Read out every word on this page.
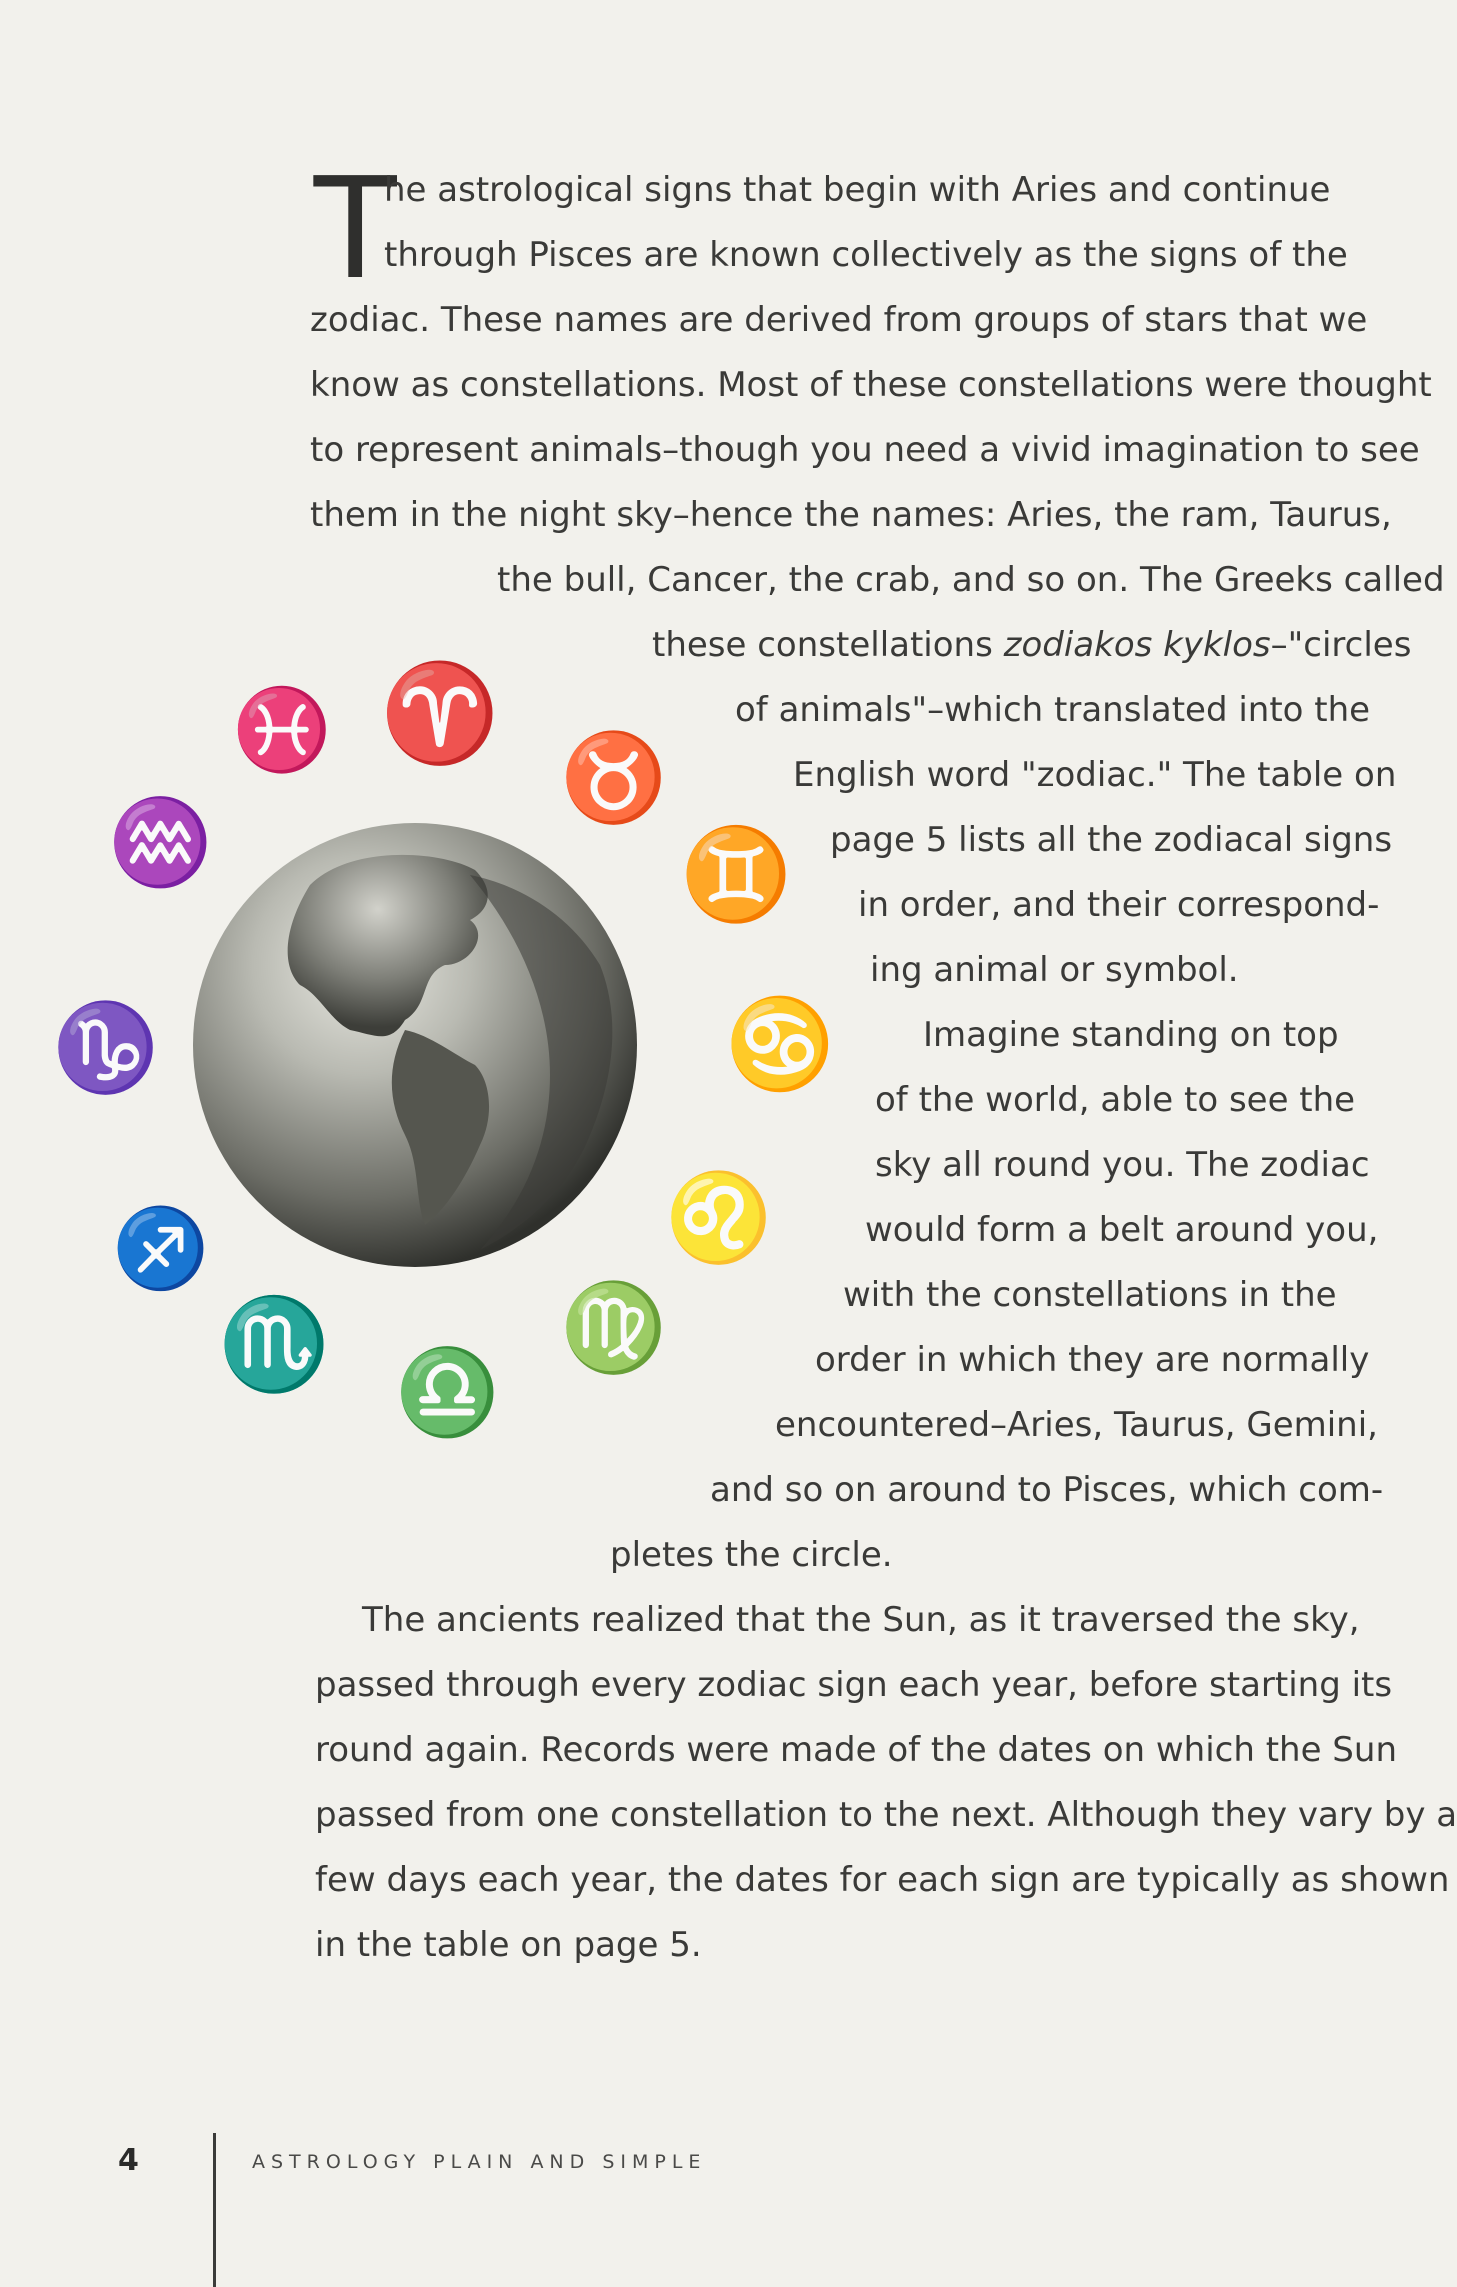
T
he astrological signs that begin with Aries and continue
through Pisces are known collectively as the signs of the
zodiac. These names are derived from groups of stars that we
know as constellations. Most of these constellations were thought
to represent animals–though you need a vivid imagination to see
them in the night sky–hence the names: Aries, the ram, Taurus,
the bull, Cancer, the crab, and so on. The Greeks called
these constellations zodiakos kyklos–"circles
of animals"–which translated into the
English word "zodiac." The table on
page 5 lists all the zodiacal signs
in order, and their correspond-
ing animal or symbol.
Imagine standing on top
of the world, able to see the
sky all round you. The zodiac
would form a belt around you,
with the constellations in the
order in which they are normally
encountered–Aries, Taurus, Gemini,
and so on around to Pisces, which com-
pletes the circle.
The ancients realized that the Sun, as it traversed the sky,
passed through every zodiac sign each year, before starting its
round again. Records were made of the dates on which the Sun
passed from one constellation to the next. Although they vary by a
few days each year, the dates for each sign are typically as shown
in the table on page 5.
♓ ♈
♉
♊
♋
♌
♍
♎
♏
♐
♑
♒
4	ASTROLOGY PLAIN AND SIMPLE
